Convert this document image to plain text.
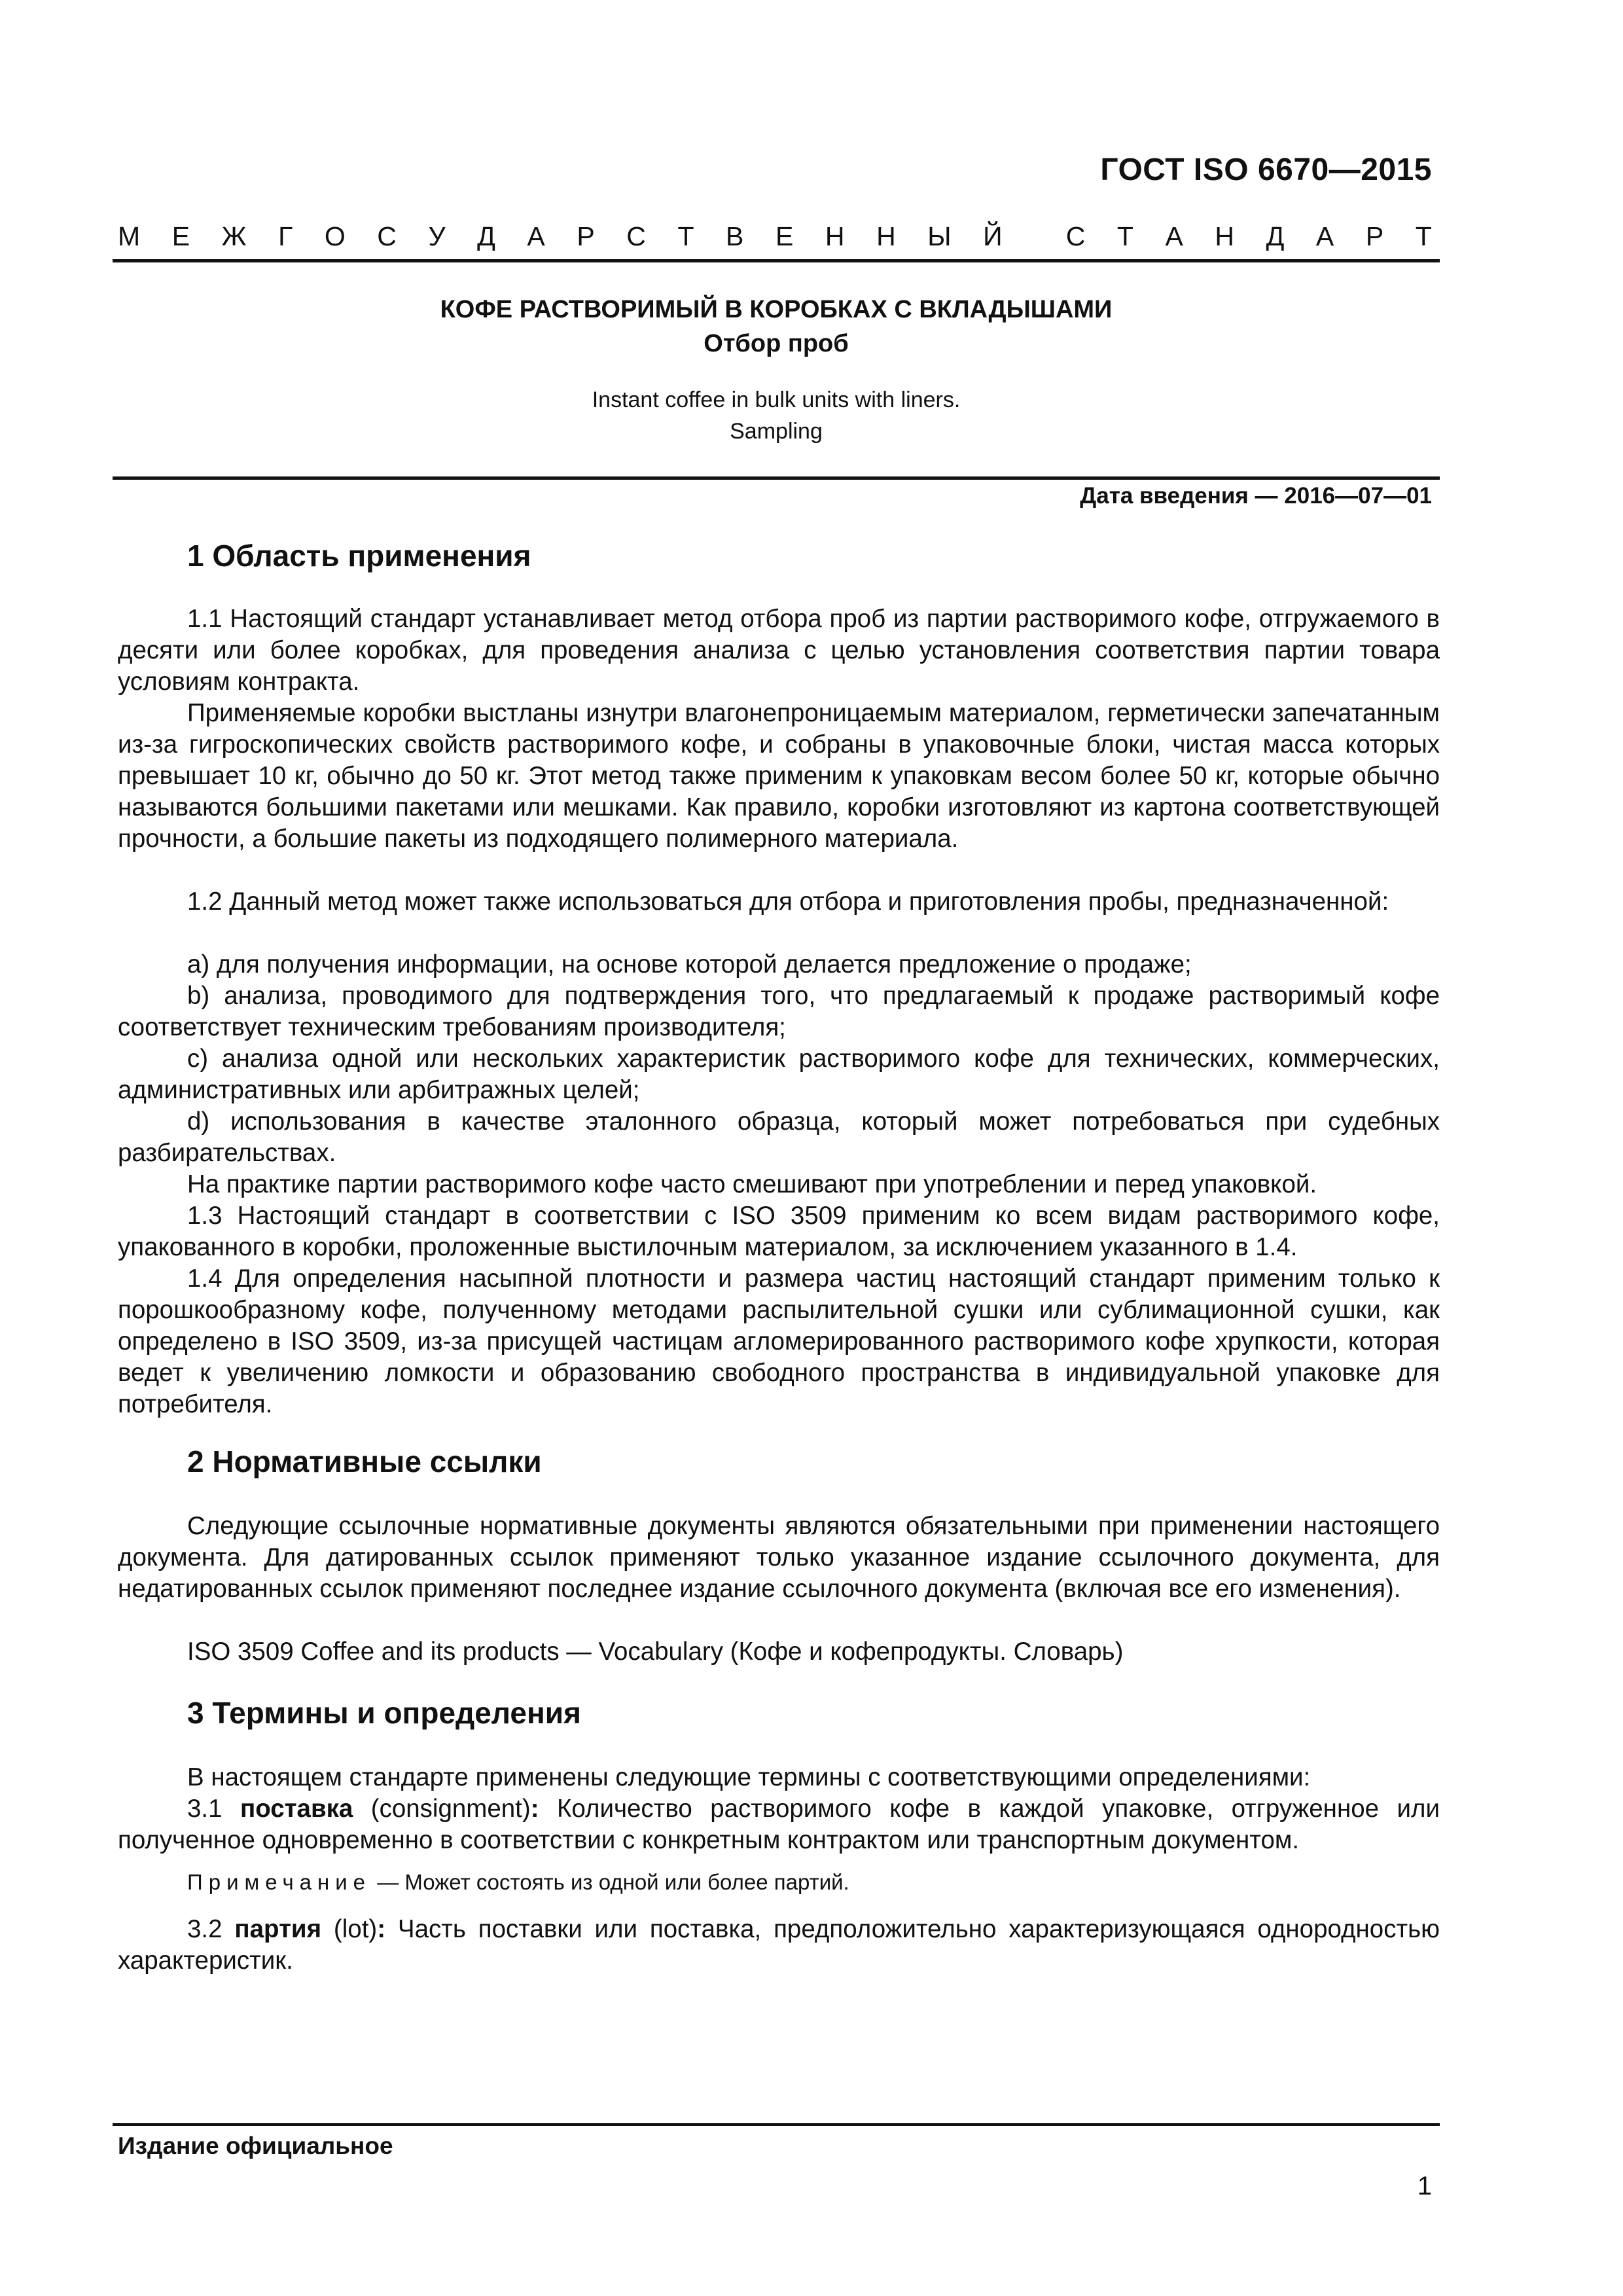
ГОСТ ISO 6670—2015
М Е Ж Г О С У Д А Р С Т В Е Н Н Ы Й С Т А Н Д А Р Т
КОФЕ РАСТВОРИМЫЙ В КОРОБКАХ С ВКЛАДЫШАМИ
Отбор проб
Instant coffee in bulk units with liners.
Sampling
Дата введения — 2016—07—01
1 Область применения

1.1 Настоящий стандарт устанавливает метод отбора проб из партии растворимого кофе, отгружаемого в десяти или более коробках, для проведения анализа с целью установления соответствия партии товара условиям контракта.

Применяемые коробки выстланы изнутри влагонепроницаемым материалом, герметически запечатанным из-за гигроскопических свойств растворимого кофе, и собраны в упаковочные блоки, чистая масса которых превышает 10 кг, обычно до 50 кг. Этот метод также применим к упаковкам весом более 50 кг, которые обычно называются большими пакетами или мешками. Как правило, коробки изготовляют из картона соответствующей прочности, а большие пакеты из подходящего полимерного материала.

1.2 Данный метод может также использоваться для отбора и приготовления пробы, предназначенной:

a) для получения информации, на основе которой делается предложение о продаже;

b) анализа, проводимого для подтверждения того, что предлагаемый к продаже растворимый кофе соответствует техническим требованиям производителя;

c) анализа одной или нескольких характеристик растворимого кофе для технических, коммерческих, административных или арбитражных целей;

d) использования в качестве эталонного образца, который может потребоваться при судебных разбирательствах.

На практике партии растворимого кофе часто смешивают при употреблении и перед упаковкой.

1.3 Настоящий стандарт в соответствии с ISO 3509 применим ко всем видам растворимого кофе, упакованного в коробки, проложенные выстилочным материалом, за исключением указанного в 1.4.

1.4 Для определения насыпной плотности и размера частиц настоящий стандарт применим только к порошкообразному кофе, полученному методами распылительной сушки или сублимационной сушки, как определено в ISO 3509, из-за присущей частицам агломерированного растворимого кофе хрупкости, которая ведет к увеличению ломкости и образованию свободного пространства в индивидуальной упаковке для потребителя.

2 Нормативные ссылки

Следующие ссылочные нормативные документы являются обязательными при применении настоящего документа. Для датированных ссылок применяют только указанное издание ссылочного документа, для недатированных ссылок применяют последнее издание ссылочного документа (включая все его изменения).

ISO 3509 Coffee and its products — Vocabulary (Кофе и кофепродукты. Словарь)

3 Термины и определения

В настоящем стандарте применены следующие термины с соответствующими определениями:

3.1 поставка (consignment): Количество растворимого кофе в каждой упаковке, отгруженное или полученное одновременно в соответствии с конкретным контрактом или транспортным документом.

Примечание — Может состоять из одной или более партий.

3.2 партия (lot): Часть поставки или поставка, предположительно характеризующаяся однородностью характеристик.

Издание официальное
1
